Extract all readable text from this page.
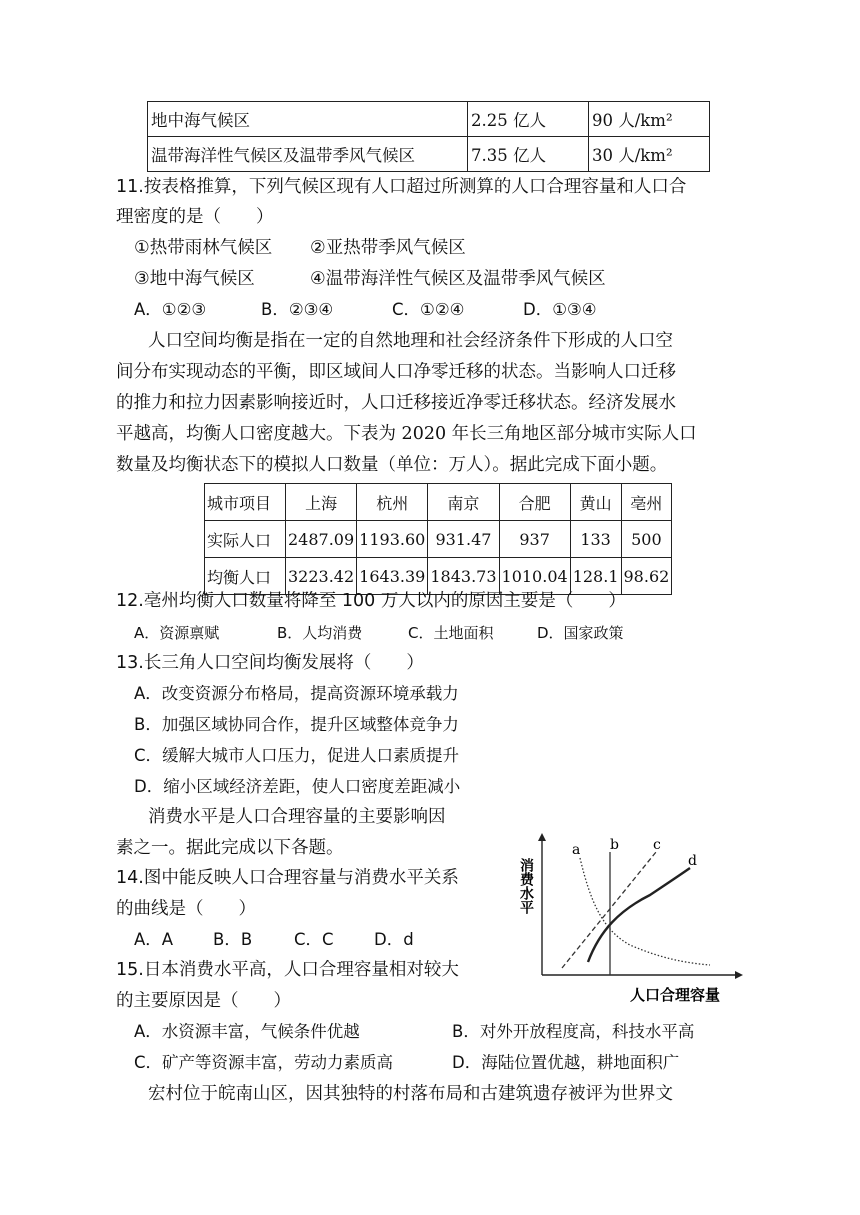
地中海气候区	2.25 亿人	90 人/km²
温带海洋性气候区及温带季风气候区	7.35 亿人	30 人/km²
11.按表格推算，下列气候区现有人口超过所测算的人口合理容量和人口合
理密度的是（　　）
①热带雨林气候区 ②亚热带季风气候区
③地中海气候区	④温带海洋性气候区及温带季风气候区
A．①②③	B．②③④	C．①②④	D．①③④
人口空间均衡是指在一定的自然地理和社会经济条件下形成的人口空
间分布实现动态的平衡，即区域间人口净零迁移的状态。当影响人口迁移
的推力和拉力因素影响接近时，人口迁移接近净零迁移状态。经济发展水
平越高，均衡人口密度越大。下表为 2020 年长三角地区部分城市实际人口
数量及均衡状态下的模拟人口数量（单位：万人）。据此完成下面小题。
城市项目	上海	杭州	南京	合肥	黄山	亳州
实际人口	2487.09	1193.60	931.47	937	133	500
均衡人口	3223.42	1643.39	1843.73	1010.04	128.1	98.62
12.亳州均衡人口数量将降至 100 万人以内的原因主要是（　　）
A．资源禀赋	B．人均消费	C．土地面积	D．国家政策
13.长三角人口空间均衡发展将（　　）
A．改变资源分布格局，提高资源环境承载力
B．加强区域协同合作，提升区域整体竞争力
C．缓解大城市人口压力，促进人口素质提升
D．缩小区域经济差距，使人口密度差距减小
消费水平是人口合理容量的主要影响因
素之一。据此完成以下各题。
14.图中能反映人口合理容量与消费水平关系
的曲线是（　　）
A．A B．B	C．C D．d
15.日本消费水平高，人口合理容量相对较大
的主要原因是（　　）
A．水资源丰富，气候条件优越	B．对外开放程度高，科技水平高
C．矿产等资源丰富，劳动力素质高	D．海陆位置优越，耕地面积广
宏村位于皖南山区，因其独特的村落布局和古建筑遗存被评为世界文
消费水平
a b c
d
人口合理容量
